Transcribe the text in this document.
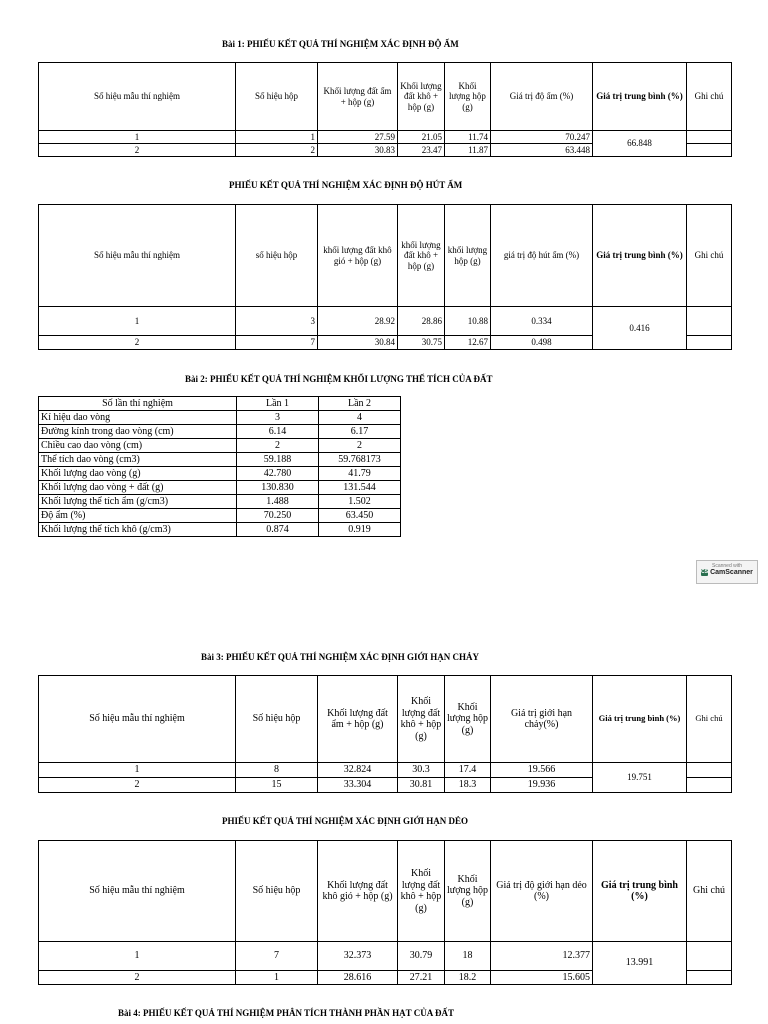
Bài 1: PHIẾU KẾT QUẢ THÍ NGHIỆM XÁC ĐỊNH ĐỘ ẨM
Số hiệu mẫu thí nghiệm	Số hiệu hộp	Khối lượng đất ẩm + hộp (g)	Khối lượng đất khô + hộp (g)	Khối lượng hộp (g)	Giá trị độ ẩm (%)	Giá trị trung bình (%)	Ghi chú
1	1	27.59	21.05	11.74	70.247	66.848	
2	2	30.83	23.47	11.87	63.448		
PHIẾU KẾT QUẢ THÍ NGHIỆM XÁC ĐỊNH ĐỘ HÚT ẨM
Số hiệu mẫu thí nghiệm	số hiệu hộp	khối lượng đất khô gió + hộp (g)	khối lượng đất khô + hộp (g)	khối lượng hộp (g)	giá trị độ hút ẩm (%)	Giá trị trung bình (%)	Ghi chú
1	3	28.92	28.86	10.88	0.334	0.416	
2	7	30.84	30.75	12.67	0.498		
Bài 2: PHIẾU KẾT QUẢ THÍ NGHIỆM KHỐI LƯỢNG THỂ TÍCH CỦA ĐẤT
Số lần thí nghiệm	Lần 1	Lần 2
Kí hiệu dao vòng	3	4
Đường kính trong dao vòng (cm)	6.14	6.17
Chiều cao dao vòng (cm)	2	2
Thể tích dao vòng (cm3)	59.188	59.768173
Khối lượng dao vòng (g)	42.780	41.79
Khối lượng dao vòng + đất (g)	130.830	131.544
Khối lượng thể tích ẩm (g/cm3)	1.488	1.502
Độ ẩm (%)	70.250	63.450
Khối lượng thể tích khô (g/cm3)	0.874	0.919
Scanned with
CS CamScanner
Bài 3: PHIẾU KẾT QUẢ THÍ NGHIỆM XÁC ĐỊNH GIỚI HẠN CHẢY
Số hiệu mẫu thí nghiệm	Số hiệu hộp	Khối lượng đất ẩm + hộp (g)	Khối lượng đất khô + hộp (g)	Khối lượng hộp (g)	Giá trị giới hạn chảy(%)	Giá trị trung bình (%)	Ghi chú
1	8	32.824	30.3	17.4	19.566	19.751	
2	15	33.304	30.81	18.3	19.936		
PHIẾU KẾT QUẢ THÍ NGHIỆM XÁC ĐỊNH GIỚI HẠN DẺO
Số hiệu mẫu thí nghiệm	Số hiệu hộp	Khối lượng đất khô gió + hộp (g)	Khối lượng đất khô + hộp (g)	Khối lượng hộp (g)	Giá trị độ giới hạn dẻo (%)	Giá trị trung bình (%)	Ghi chú
1	7	32.373	30.79	18	12.377	13.991	
2	1	28.616	27.21	18.2	15.605		
Bài 4: PHIẾU KẾT QUẢ THÍ NGHIỆM PHÂN TÍCH THÀNH PHẦN HẠT CỦA ĐẤT
